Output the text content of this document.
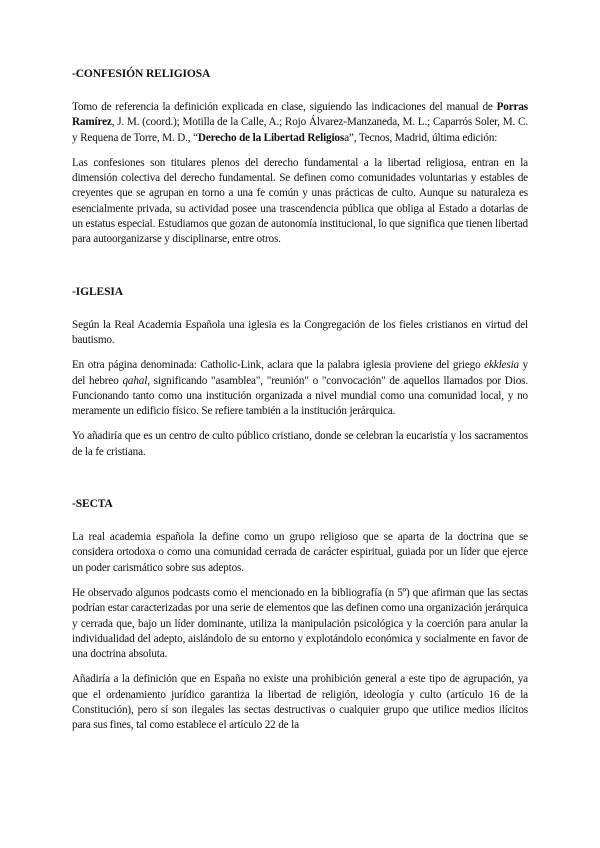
-CONFESIÓN RELIGIOSA

Tomo de referencia la definición explicada en clase, siguiendo las indicaciones del manual de Porras Ramírez, J. M. (coord.); Motilla de la Calle, A.; Rojo Álvarez-Manzaneda, M. L.; Caparrós Soler, M. C. y Requena de Torre, M. D., “Derecho de la Libertad Religiosa”, Tecnos, Madrid, última edición:

Las confesiones son titulares plenos del derecho fundamental a la libertad religiosa, entran en la dimensión colectiva del derecho fundamental. Se definen como comunidades voluntarias y estables de creyentes que se agrupan en torno a una fe común y unas prácticas de culto. Aunque su naturaleza es esencialmente privada, su actividad posee una trascendencia pública que obliga al Estado a dotarlas de un estatus especial. Estudiamos que gozan de autonomía institucional, lo que significa que tienen libertad para autoorganizarse y disciplinarse, entre otros.

-IGLESIA

Según la Real Academia Española una iglesia es la Congregación de los fieles cristianos en virtud del bautismo.

En otra página denominada: Catholic-Link, aclara que la palabra iglesia proviene del griego ekklesia y del hebreo qahal, significando "asamblea", "reunión" o "convocación" de aquellos llamados por Dios. Funcionando tanto como una institución organizada a nivel mundial como una comunidad local, y no meramente un edificio físico. Se refiere también a la institución jerárquica.

Yo añadiría que es un centro de culto público cristiano, donde se celebran la eucaristía y los sacramentos de la fe cristiana.

-SECTA

La real academia española la define como un grupo religioso que se aparta de la doctrina que se considera ortodoxa o como una comunidad cerrada de carácter espiritual, guiada por un líder que ejerce un poder carismático sobre sus adeptos.

He observado algunos podcasts como el mencionado en la bibliografía (n 5º) que afirman que las sectas podrían estar caracterizadas por una serie de elementos que las definen como una organización jerárquica y cerrada que, bajo un líder dominante, utiliza la manipulación psicológica y la coerción para anular la individualidad del adepto, aislándolo de su entorno y explotándolo económica y socialmente en favor de una doctrina absoluta.

Añadiría a la definición que en España no existe una prohibición general a este tipo de agrupación, ya que el ordenamiento jurídico garantiza la libertad de religión, ideología y culto (artículo 16 de la Constitución), pero sí son ilegales las sectas destructivas o cualquier grupo que utilice medios ilícitos para sus fines, tal como establece el artículo 22 de la
